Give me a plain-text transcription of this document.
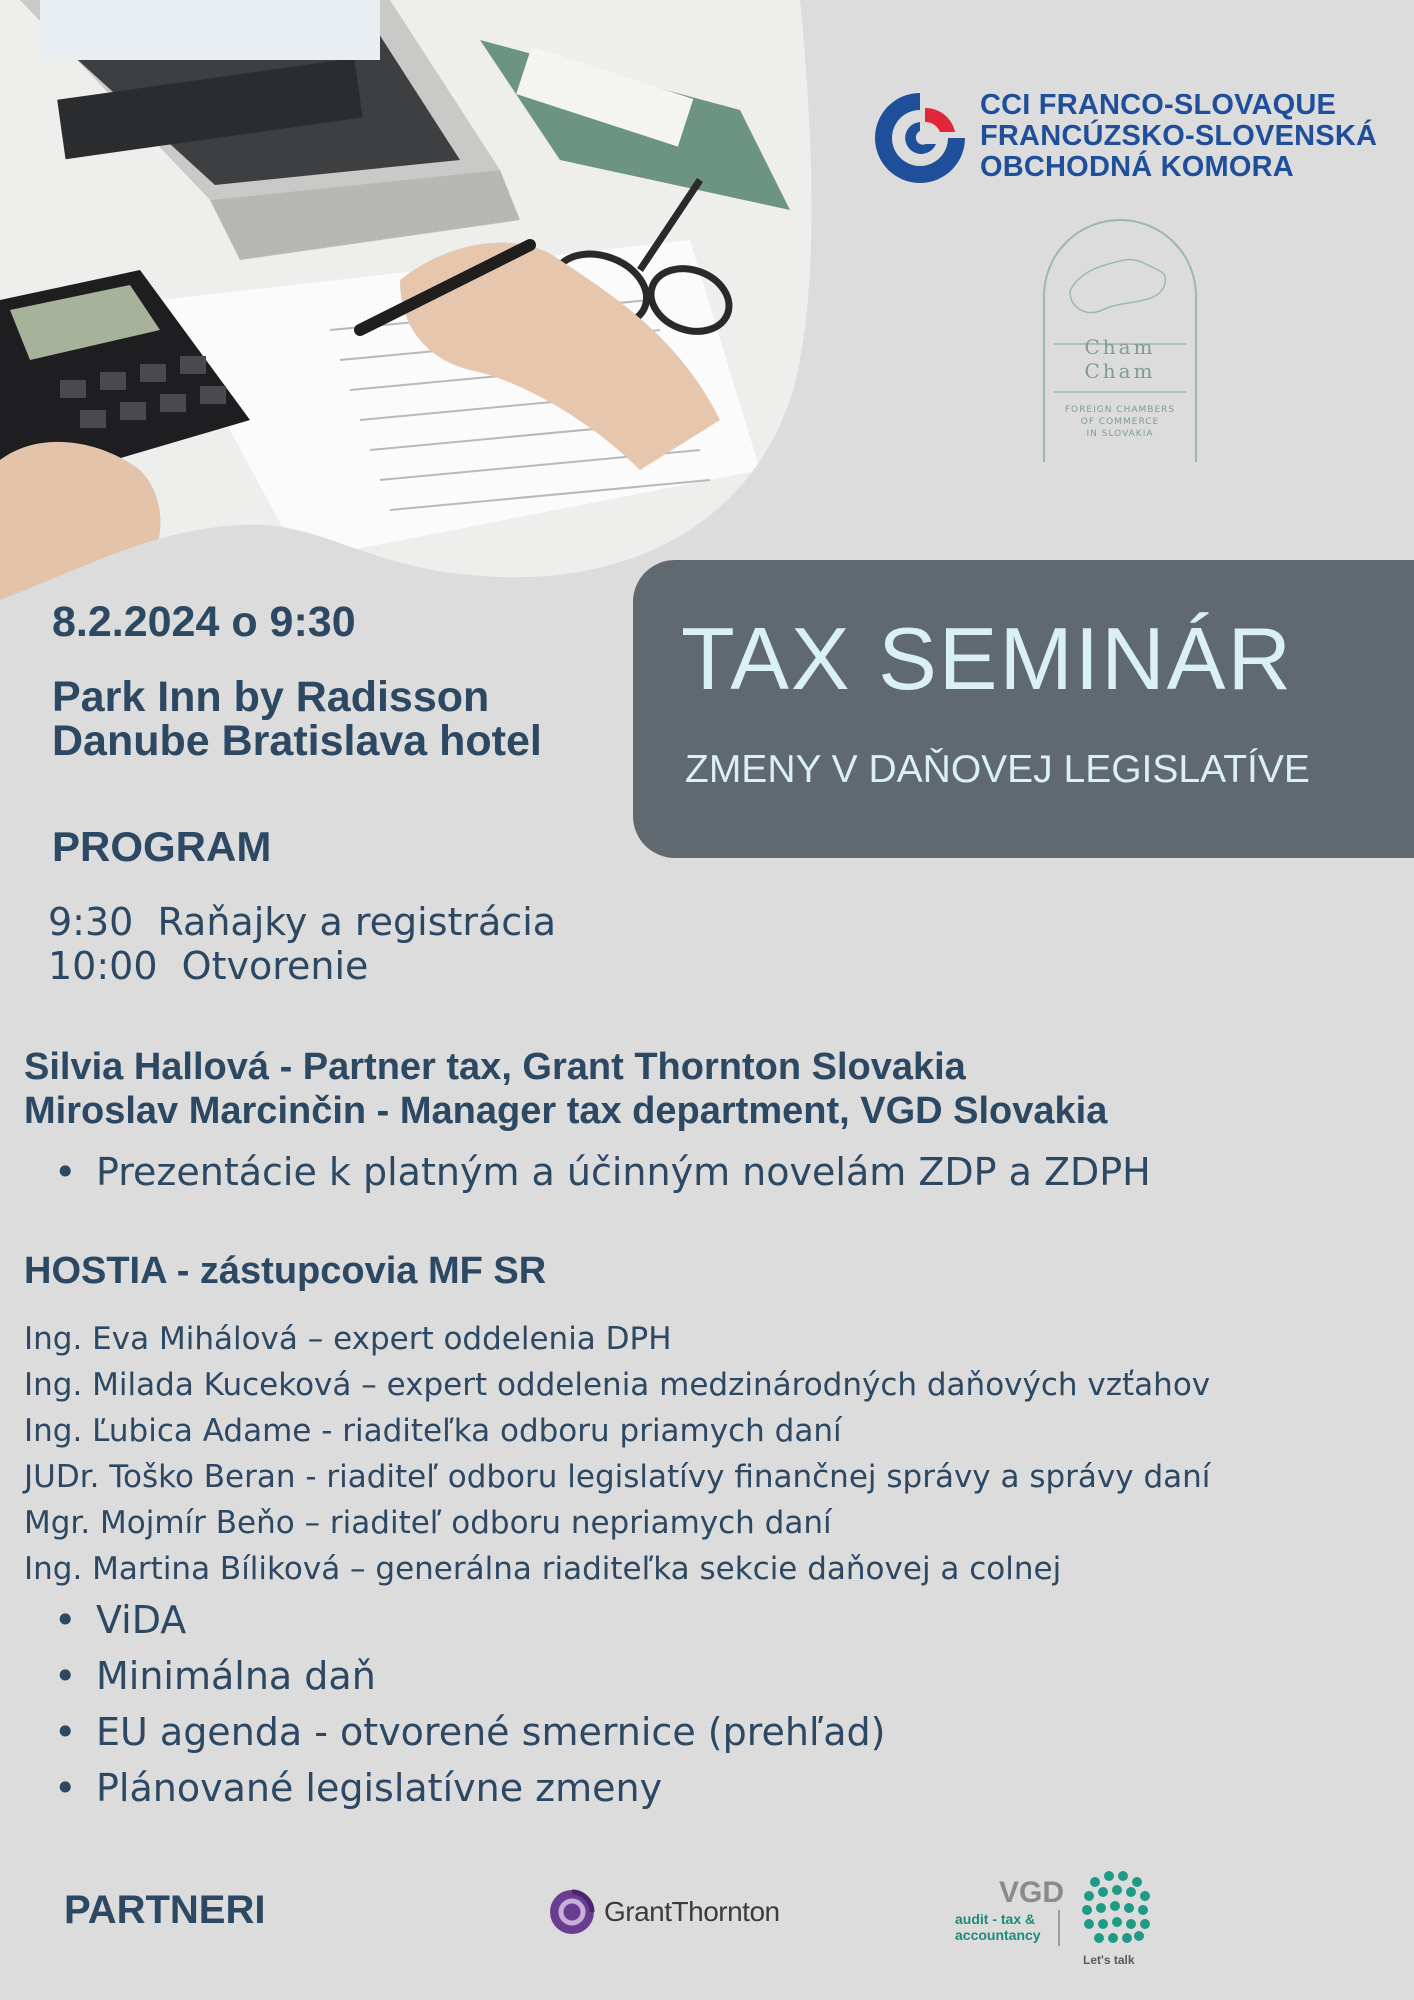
CCI FRANCO-SLOVAQUE
FRANCÚZSKO-SLOVENSKÁ
OBCHODNÁ KOMORA
Cham
Cham
FOREIGN CHAMBERS
OF COMMERCE
IN SLOVAKIA
8.2.2024 o 9:30
Park Inn by Radisson
Danube Bratislava hotel
TAX SEMINÁR
ZMENY V DAŇOVEJ LEGISLATÍVE
PROGRAM
9:30  Raňajky a registrácia
10:00  Otvorenie
Silvia Hallová - Partner tax, Grant Thornton Slovakia
Miroslav Marcinčin - Manager tax department, VGD Slovakia
• Prezentácie k platným a účinným novelám ZDP a ZDPH
HOSTIA - zástupcovia MF SR
Ing. Eva Mihálová – expert oddelenia DPH
Ing. Milada Kuceková – expert oddelenia medzinárodných daňových vzťahov
Ing. Ľubica Adame - riaditeľka odboru priamych daní
JUDr. Toško Beran - riaditeľ odboru legislatívy finančnej správy a správy daní
Mgr. Mojmír Beňo – riaditeľ odboru nepriamych daní
Ing. Martina Bíliková – generálna riaditeľka sekcie daňovej a colnej
• ViDA
• Minimálna daň
• EU agenda - otvorené smernice (prehľad)
• Plánované legislatívne zmeny
PARTNERI	GrantThornton
VGD
audit - tax &
accountancy
Let's talk
